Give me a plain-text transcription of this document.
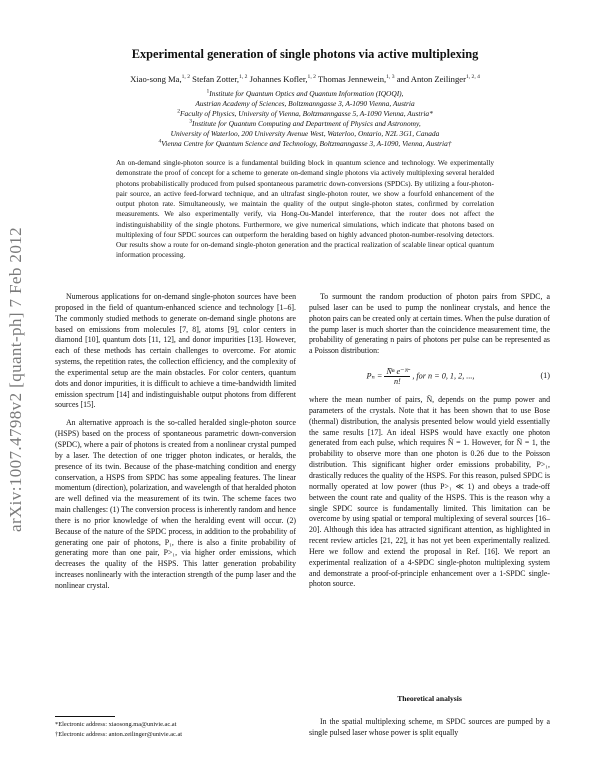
arXiv:1007.4798v2 [quant-ph] 7 Feb 2012
Experimental generation of single photons via active multiplexing
Xiao-song Ma,$^{1, 2}$ Stefan Zotter,$^{1, 2}$ Johannes Kofler,$^{1, 2}$ Thomas Jennewein,$^{1, 3}$ and Anton Zeilinger$^{1, 2, 4}$
$^1$Institute for Quantum Optics and Quantum Information (IQOQI),
Austrian Academy of Sciences, Boltzmanngasse 3, A-1090 Vienna, Austria
$^2$Faculty of Physics, University of Vienna, Boltzmanngasse 5, A-1090 Vienna, Austria*
$^3$Institute for Quantum Computing and Department of Physics and Astronomy,
University of Waterloo, 200 University Avenue West, Waterloo, Ontario, N2L 3G1, Canada
$^4$Vienna Centre for Quantum Science and Technology, Boltzmanngasse 3, A-1090, Vienna, Austria†
An on-demand single-photon source is a fundamental building block in quantum science and technology. We experimentally demonstrate the proof of concept for a scheme to generate on-demand single photons via actively multiplexing several heralded photons probabilistically produced from pulsed spontaneous parametric down-conversions (SPDCs). By utilizing a four-photon-pair source, an active feed-forward technique, and an ultrafast single-photon router, we show a fourfold enhancement of the output photon rate. Simultaneously, we maintain the quality of the output single-photon states, confirmed by correlation measurements. We also experimentally verify, via Hong-Ou-Mandel interference, that the router does not affect the indistinguishability of the single photons. Furthermore, we give numerical simulations, which indicate that photons based on multiplexing of four SPDC sources can outperform the heralding based on highly advanced photon-number-resolving detectors. Our results show a route for on-demand single-photon generation and the practical realization of scalable linear optical quantum information processing.

Numerous applications for on-demand single-photon sources have been proposed in the field of quantum-enhanced science and technology [1–6]. The commonly studied methods to generate on-demand single photons are based on emissions from molecules [7, 8], atoms [9], color centers in diamond [10], quantum dots [11, 12], and donor impurities [13]. However, each of these methods has certain challenges to overcome. For atomic systems, the repetition rates, the collection efficiency, and the complexity of the experimental setup are the main obstacles. For color centers, quantum dots and donor impurities, it is difficult to achieve a time-bandwidth limited emission spectrum [14] and indistinguishable output photons from different sources [15].

An alternative approach is the so-called heralded single-photon source (HSPS) based on the process of spontaneous parametric down-conversion (SPDC), where a pair of photons is created from a nonlinear crystal pumped by a laser. The detection of one trigger photon indicates, or heralds, the presence of its twin. Because of the phase-matching condition and energy conservation, a HSPS from SPDC has some appealing features. The linear momentum (direction), polarization, and wavelength of that heralded photon are well defined via the measurement of its twin. The scheme faces two main challenges: (1) The conversion process is inherently random and hence there is no prior knowledge of when the heralding event will occur. (2) Because of the nature of the SPDC process, in addition to the probability of generating one pair of photons, P₁, there is also a finite probability of generating more than one pair, P>₁, via higher order emissions, which decreases the quality of the HSPS. This latter generation probability increases nonlinearly with the interaction strength of the pump laser and the nonlinear crystal.

To surmount the random production of photon pairs from SPDC, a pulsed laser can be used to pump the nonlinear crystals, and hence the photon pairs can be created only at certain times. When the pulse duration of the pump laser is much shorter than the coincidence measurement time, the probability of generating n pairs of photons per pulse can be represented as a Poisson distribution:

$P_n = \frac{\text{N̄ⁿ e⁻ᴺ̄}}{n!}$ , for n = 0, 1, 2, ...,	(1)

where the mean number of pairs, N̄, depends on the pump power and parameters of the crystals. Note that it has been shown that to use Bose (thermal) distribution, the analysis presented below would yield essentially the same results [17]. An ideal HSPS would have exactly one photon generated from each pulse, which requires N̄ = 1. However, for N̄ = 1, the probability to observe more than one photon is 0.26 due to the Poisson distribution. This significant higher order emissions probability, P>₁, drastically reduces the quality of the HSPS. For this reason, pulsed SPDC is normally operated at low power (thus P>₁ ≪ 1) and obeys a trade-off between the count rate and quality of the HSPS. This is the reason why a single SPDC source is fundamentally limited. This limitation can be overcome by using spatial or temporal multiplexing of several sources [16–20]. Although this idea has attracted significant attention, as highlighted in recent review articles [21, 22], it has not yet been experimentally realized. Here we follow and extend the proposal in Ref. [16]. We report an experimental realization of a 4-SPDC single-photon multiplexing system and demonstrate a proof-of-principle enhancement over a 1-SPDC single-photon source.

Theoretical analysis
In the spatial multiplexing scheme, m SPDC sources are pumped by a single pulsed laser whose power is split equally
*Electronic address: xiaosong.ma@univie.ac.at
†Electronic address: anton.zeilinger@univie.ac.at
